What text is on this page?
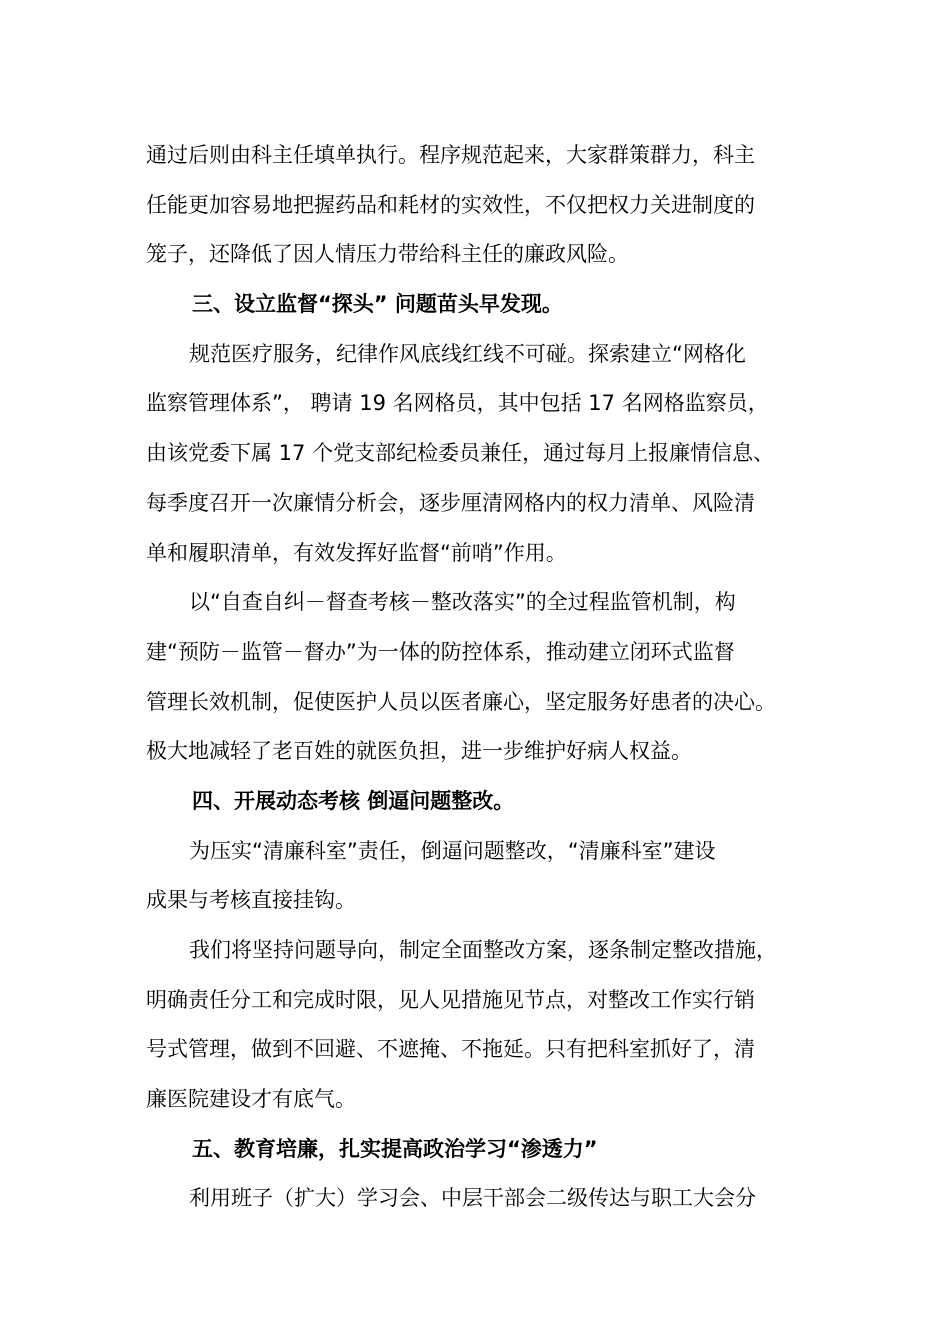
通过后则由科主任填单执行。程序规范起来，大家群策群力，科主
任能更加容易地把握药品和耗材的实效性，不仅把权力关进制度的
笼子，还降低了因人情压力带给科主任的廉政风险。
三、设立监督“探头” 问题苗头早发现。
规范医疗服务，纪律作风底线红线不可碰。探索建立“网格化
监察管理体系”， 聘请 19 名网格员，其中包括 17 名网格监察员，
由该党委下属 17 个党支部纪检委员兼任，通过每月上报廉情信息、
每季度召开一次廉情分析会，逐步厘清网格内的权力清单、风险清
单和履职清单，有效发挥好监督“前哨”作用。
以“自查自纠－督查考核－整改落实”的全过程监管机制，构
建“预防－监管－督办”为一体的防控体系，推动建立闭环式监督
管理长效机制，促使医护人员以医者廉心，坚定服务好患者的决心。
极大地减轻了老百姓的就医负担，进一步维护好病人权益。
四、开展动态考核 倒逼问题整改。
为压实“清廉科室”责任，倒逼问题整改，“清廉科室”建设
成果与考核直接挂钩。
我们将坚持问题导向，制定全面整改方案，逐条制定整改措施，
明确责任分工和完成时限，见人见措施见节点，对整改工作实行销
号式管理，做到不回避、不遮掩、不拖延。只有把科室抓好了，清
廉医院建设才有底气。
五、教育培廉，扎实提高政治学习“渗透力”
利用班子（扩大）学习会、中层干部会二级传达与职工大会分
